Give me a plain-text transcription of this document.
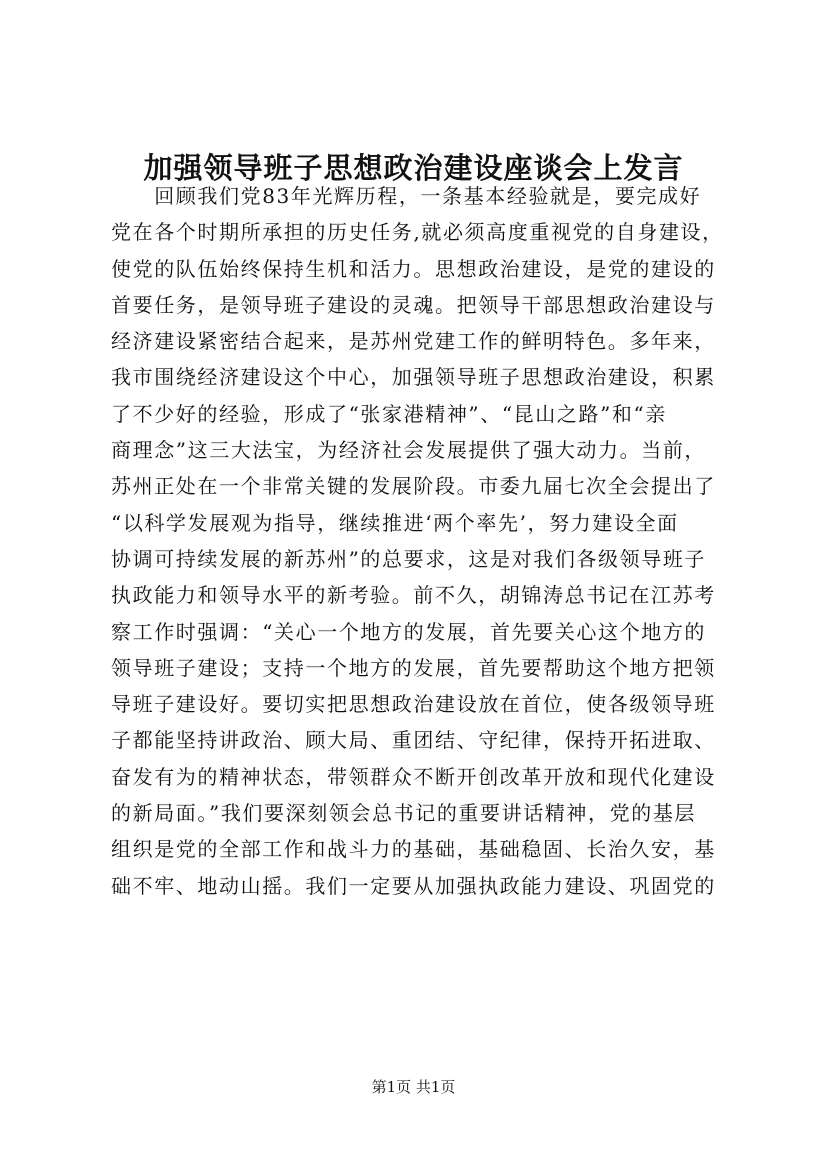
加强领导班子思想政治建设座谈会上发言
　　回顾我们党83年光辉历程，一条基本经验就是，要完成好
党在各个时期所承担的历史任务,就必须高度重视党的自身建设，
使党的队伍始终保持生机和活力。思想政治建设，是党的建设的
首要任务，是领导班子建设的灵魂。把领导干部思想政治建设与
经济建设紧密结合起来，是苏州党建工作的鲜明特色。多年来，
我市围绕经济建设这个中心，加强领导班子思想政治建设，积累
了不少好的经验，形成了“张家港精神”、“昆山之路”和“亲
商理念”这三大法宝，为经济社会发展提供了强大动力。当前，
苏州正处在一个非常关键的发展阶段。市委九届七次全会提出了
“以科学发展观为指导，继续推进‘两个率先’，努力建设全面
协调可持续发展的新苏州”的总要求，这是对我们各级领导班子
执政能力和领导水平的新考验。前不久，胡锦涛总书记在江苏考
察工作时强调：“关心一个地方的发展，首先要关心这个地方的
领导班子建设；支持一个地方的发展，首先要帮助这个地方把领
导班子建设好。要切实把思想政治建设放在首位，使各级领导班
子都能坚持讲政治、顾大局、重团结、守纪律，保持开拓进取、
奋发有为的精神状态，带领群众不断开创改革开放和现代化建设
的新局面。”我们要深刻领会总书记的重要讲话精神，党的基层
组织是党的全部工作和战斗力的基础，基础稳固、长治久安，基
础不牢、地动山摇。我们一定要从加强执政能力建设、巩固党的
第1页 共1页
